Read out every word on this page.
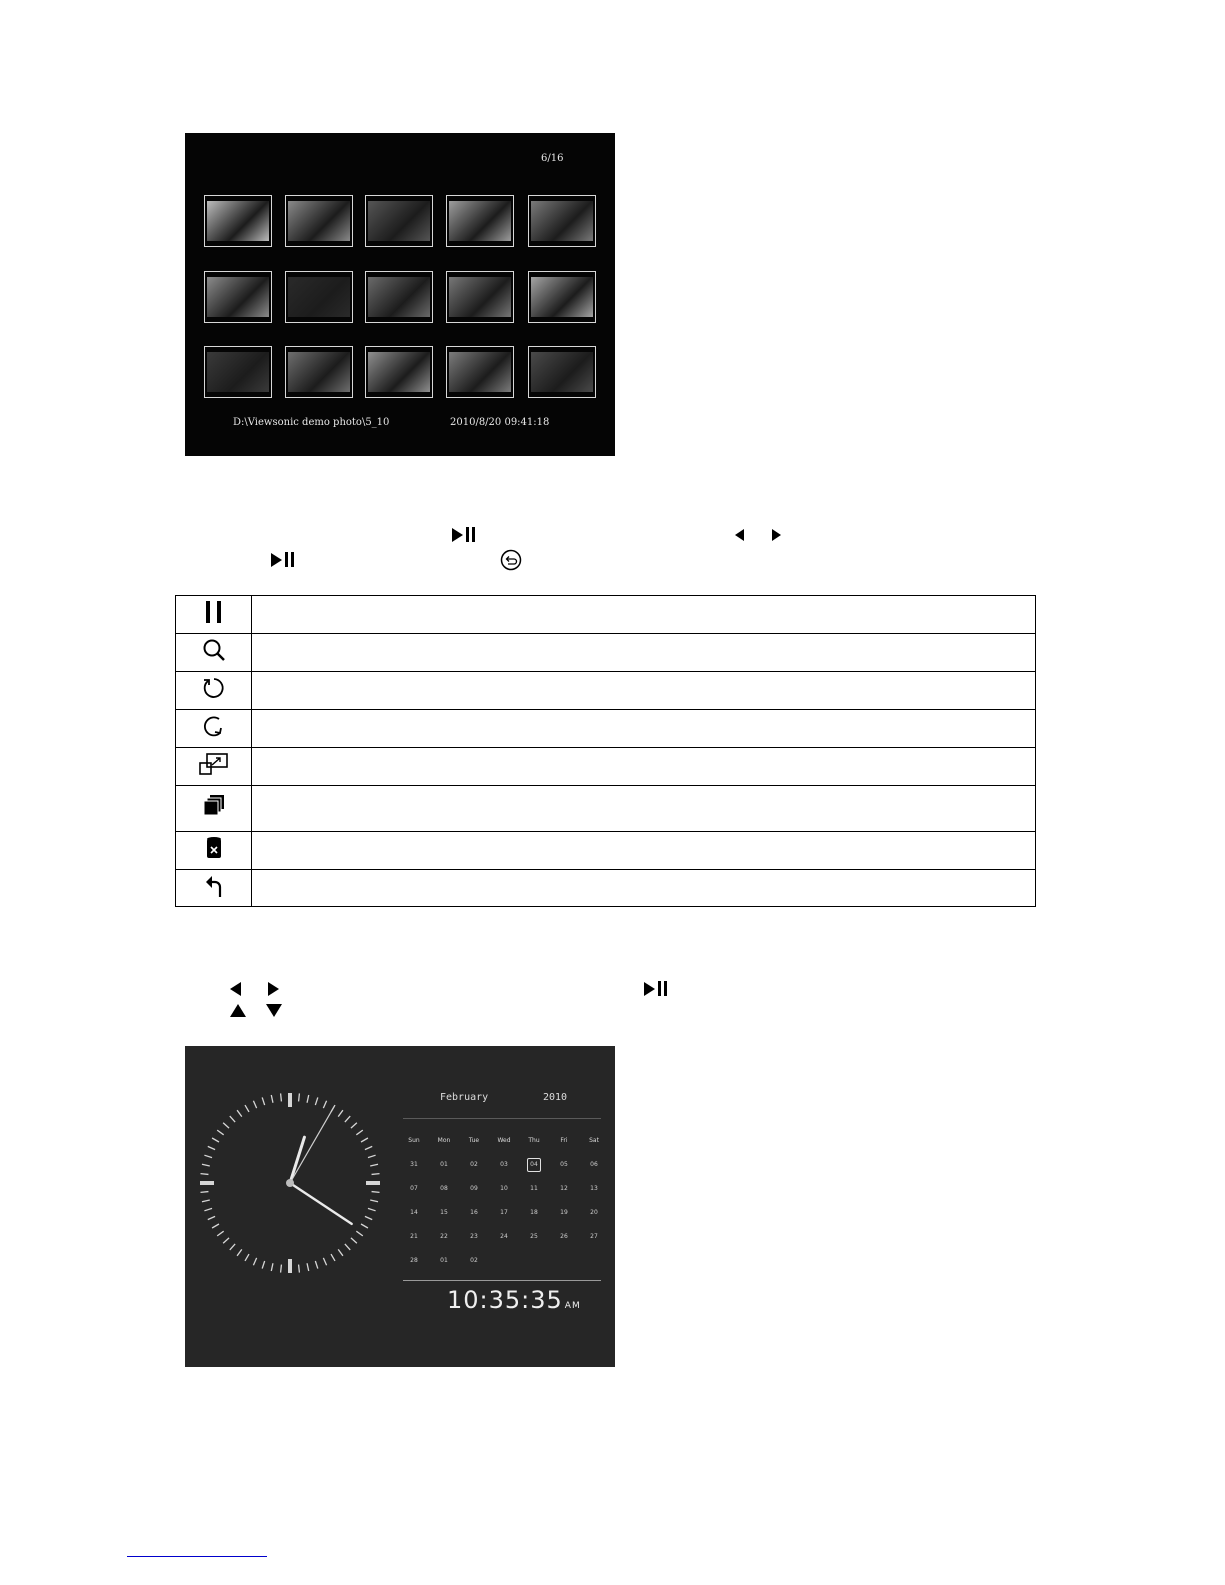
6/16
D:\Viewsonic demo photo\5_10	2010/8/20 09:41:18

February	2010
Sun	Mon	Tue	Wed	Thu	Fri	Sat
31	01	02	03	04	05	06
07	08	09	10	11	12	13
14	15	16	17	18	19	20
21	22	23	24	25	26	27
28	01	02
10:35:35 AM
